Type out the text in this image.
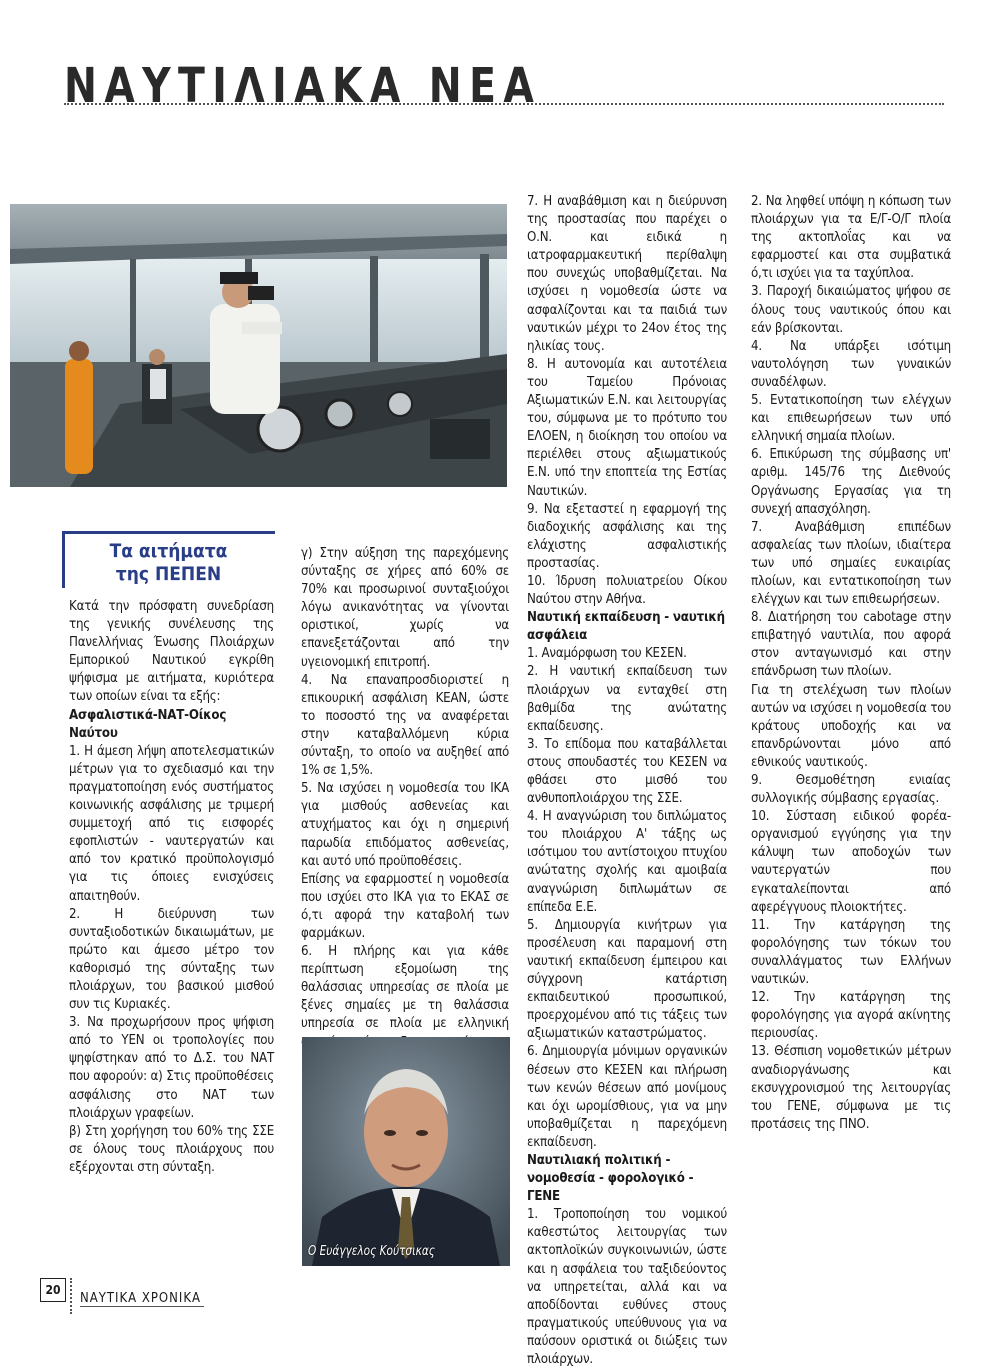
ΝΑΥΤΙΛΙΑΚΑ ΝΕΑ
Τα αιτήματα
της ΠΕΠΕΝ

Κατά την πρόσφατη συνεδρίαση της γενικής συνέλευσης της Πανελλήνιας Ένωσης Πλοιάρχων Εμπορικού Ναυτικού εγκρίθη ψήφισμα με αιτήματα, κυριότερα των οποίων είναι τα εξής:

Ασφαλιστικά-ΝΑΤ-Οίκος Ναύτου

1. Η άμεση λήψη αποτελεσματικών μέτρων για το σχεδιασμό και την πραγματοποίηση ενός συστήματος κοινωνικής ασφάλισης με τριμερή συμμετοχή από τις εισφορές εφοπλιστών - ναυτεργατών και από τον κρατικό προϋπολογισμό για τις όποιες ενισχύσεις απαιτηθούν.

2. Η διεύρυνση των συνταξιοδοτικών δικαιωμάτων, με πρώτο και άμεσο μέτρο τον καθορισμό της σύνταξης των πλοιάρχων, του βασικού μισθού συν τις Κυριακές.

3. Να προχωρήσουν προς ψήφιση από το ΥΕΝ οι τροπολογίες που ψηφίστηκαν από το Δ.Σ. του ΝΑΤ που αφορούν: α) Στις προϋποθέσεις ασφάλισης στο ΝΑΤ των πλοιάρχων γραφείων.

β) Στη χορήγηση του 60% της ΣΣΕ σε όλους τους πλοιάρχους που εξέρχονται στη σύνταξη.

γ) Στην αύξηση της παρεχόμενης σύνταξης σε χήρες από 60% σε 70% και προσωρινοί συνταξιούχοι λόγω ανικανότητας να γίνονται οριστικοί, χωρίς να επανεξετάζονται από την υγειονομική επιτροπή.

4. Να επαναπροσδιοριστεί η επικουρική ασφάλιση ΚΕΑΝ, ώστε το ποσοστό της να αναφέρεται στην καταβαλλόμενη κύρια σύνταξη, το οποίο να αυξηθεί από 1% σε 1,5%.

5. Να ισχύσει η νομοθεσία του ΙΚΑ για μισθούς ασθενείας και ατυχήματος και όχι η σημερινή παρωδία επιδόματος ασθενείας, και αυτό υπό προϋποθέσεις.

Επίσης να εφαρμοστεί η νομοθεσία που ισχύει στο ΙΚΑ για το ΕΚΑΣ σε ό,τι αφορά την καταβολή των φαρμάκων.

6. Η πλήρης και για κάθε περίπτωση εξομοίωση της θαλάσσιας υπηρεσίας σε πλοία με ξένες σημαίες με τη θαλάσσια υπηρεσία σε πλοία με ελληνική

Ο Ευάγγελος Κούτσικας

7. Η αναβάθμιση και η διεύρυνση της προστασίας που παρέχει ο Ο.Ν. και ειδικά η ιατροφαρμακευτική περίθαλψη που συνεχώς υποβαθμίζεται. Να ισχύσει η νομοθεσία ώστε να ασφαλίζονται και τα παιδιά των ναυτικών μέχρι το 24ον έτος της ηλικίας τους.

8. Η αυτονομία και αυτοτέλεια του Ταμείου Πρόνοιας Αξιωματικών Ε.Ν. και λειτουργίας του, σύμφωνα με το πρότυπο του ΕΛΟΕΝ, η διοίκηση του οποίου να περιέλθει στους αξιωματικούς Ε.Ν. υπό την εποπτεία της Εστίας Ναυτικών.

9. Να εξεταστεί η εφαρμογή της διαδοχικής ασφάλισης και της ελάχιστης ασφαλιστικής προστασίας.

10. Ίδρυση πολυιατρείου Οίκου Ναύτου στην Αθήνα.

Ναυτική εκπαίδευση - ναυτική ασφάλεια

1. Αναμόρφωση του ΚΕΣΕΝ.

2. Η ναυτική εκπαίδευση των πλοιάρχων να ενταχθεί στη βαθμίδα της ανώτατης εκπαίδευσης.

3. Το επίδομα που καταβάλλεται στους σπουδαστές του ΚΕΣΕΝ να φθάσει στο μισθό του ανθυποπλοιάρχου της ΣΣΕ.

4. Η αναγνώριση του διπλώματος του πλοιάρχου Α' τάξης ως ισότιμου του αντίστοιχου πτυχίου ανώτατης σχολής και αμοιβαία αναγνώριση διπλωμάτων σε επίπεδα Ε.Ε.

5. Δημιουργία κινήτρων για προσέλευση και παραμονή στη ναυτική εκπαίδευση έμπειρου και σύγχρονη κατάρτιση εκπαιδευτικού προσωπικού, προερχομένου από τις τάξεις των αξιωματικών καταστρώματος.

6. Δημιουργία μόνιμων οργανικών θέσεων στο ΚΕΣΕΝ και πλήρωση των κενών θέσεων από μονίμους και όχι ωρομίσθιους, για να μην υποβαθμίζεται η παρεχόμενη εκπαίδευση.

Ναυτιλιακή πολιτική - νομοθεσία - φορολογικό - ΓΕΝΕ

1. Τροποποίηση του νομικού καθεστώτος λειτουργίας των ακτοπλοϊκών συγκοινωνιών, ώστε και η ασφάλεια του ταξιδεύοντος να υπηρετείται, αλλά και να αποδίδονται ευθύνες στους πραγματικούς υπεύθυνους για να παύσουν οριστικά οι διώξεις των πλοιάρχων.

2. Να ληφθεί υπόψη η κόπωση των πλοιάρχων για τα Ε/Γ-Ο/Γ πλοία της ακτοπλοΐας και να εφαρμοστεί και στα συμβατικά ό,τι ισχύει για τα ταχύπλοα.

3. Παροχή δικαιώματος ψήφου σε όλους τους ναυτικούς όπου και εάν βρίσκονται.

4. Να υπάρξει ισότιμη ναυτολόγηση των γυναικών συναδέλφων.

5. Εντατικοποίηση των ελέγχων και επιθεωρήσεων των υπό ελληνική σημαία πλοίων.

6. Επικύρωση της σύμβασης υπ' αριθμ. 145/76 της Διεθνούς Οργάνωσης Εργασίας για τη συνεχή απασχόληση.

7. Αναβάθμιση επιπέδων ασφαλείας των πλοίων, ιδιαίτερα των υπό σημαίες ευκαιρίας πλοίων, και εντατικοποίηση των ελέγχων και των επιθεωρήσεων.

8. Διατήρηση του cabotage στην επιβατηγό ναυτιλία, που αφορά στον ανταγωνισμό και στην επάνδρωση των πλοίων.

Για τη στελέχωση των πλοίων αυτών να ισχύσει η νομοθεσία του κράτους υποδοχής και να επανδρώνονται μόνο από εθνικούς ναυτικούς.

9. Θεσμοθέτηση ενιαίας συλλογικής σύμβασης εργασίας.

10. Σύσταση ειδικού φορέα-οργανισμού εγγύησης για την κάλυψη των αποδοχών των ναυτεργατών που εγκαταλείπονται από αφερέγγυους πλοιοκτήτες.

11. Την κατάργηση της φορολόγησης των τόκων του συναλλάγματος των Ελλήνων ναυτικών.

12. Την κατάργηση της φορολόγησης για αγορά ακίνητης περιουσίας.

13. Θέσπιση νομοθετικών μέτρων αναδιοργάνωσης και εκσυγχρονισμού της λειτουργίας του ΓΕΝΕ, σύμφωνα με τις προτάσεις της ΠΝΟ.

20
ΝΑΥΤΙΚΑ ΧΡΟΝΙΚΑ
